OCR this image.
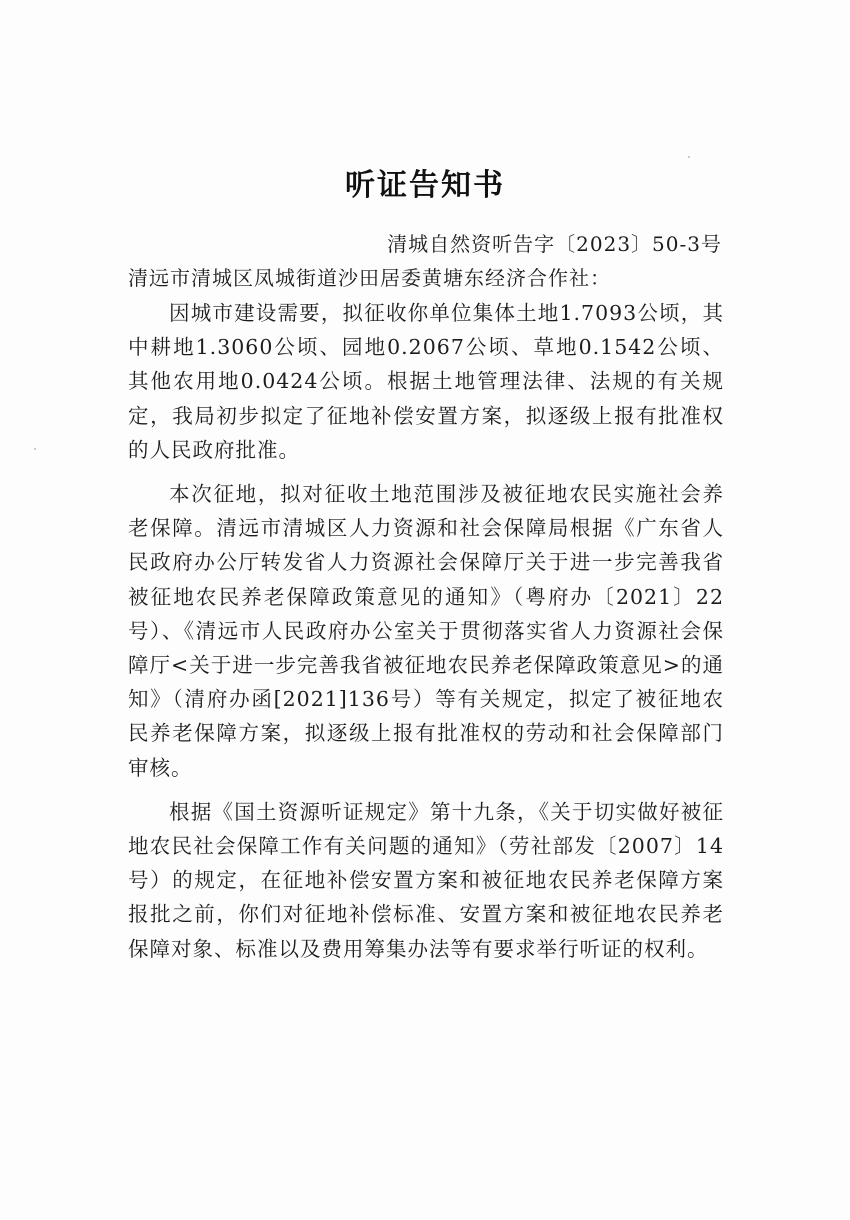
听证告知书
清城自然资听告字〔2023〕50-3号
清远市清城区凤城街道沙田居委黄塘东经济合作社：

因城市建设需要，拟征收你单位集体土地1.7093公顷，其中耕地1.3060公顷、园地0.2067公顷、草地0.1542公顷、其他农用地0.0424公顷。根据土地管理法律、法规的有关规定，我局初步拟定了征地补偿安置方案，拟逐级上报有批准权的人民政府批准。

本次征地，拟对征收土地范围涉及被征地农民实施社会养老保障。清远市清城区人力资源和社会保障局根据《广东省人民政府办公厅转发省人力资源社会保障厅关于进一步完善我省被征地农民养老保障政策意见的通知》（粤府办〔2021〕22号）、《清远市人民政府办公室关于贯彻落实省人力资源社会保障厅<关于进一步完善我省被征地农民养老保障政策意见>的通知》（清府办函[2021]136号）等有关规定，拟定了被征地农民养老保障方案，拟逐级上报有批准权的劳动和社会保障部门审核。

根据《国土资源听证规定》第十九条，《关于切实做好被征地农民社会保障工作有关问题的通知》（劳社部发〔2007〕14号）的规定，在征地补偿安置方案和被征地农民养老保障方案报批之前，你们对征地补偿标准、安置方案和被征地农民养老保障对象、标准以及费用筹集办法等有要求举行听证的权利。
